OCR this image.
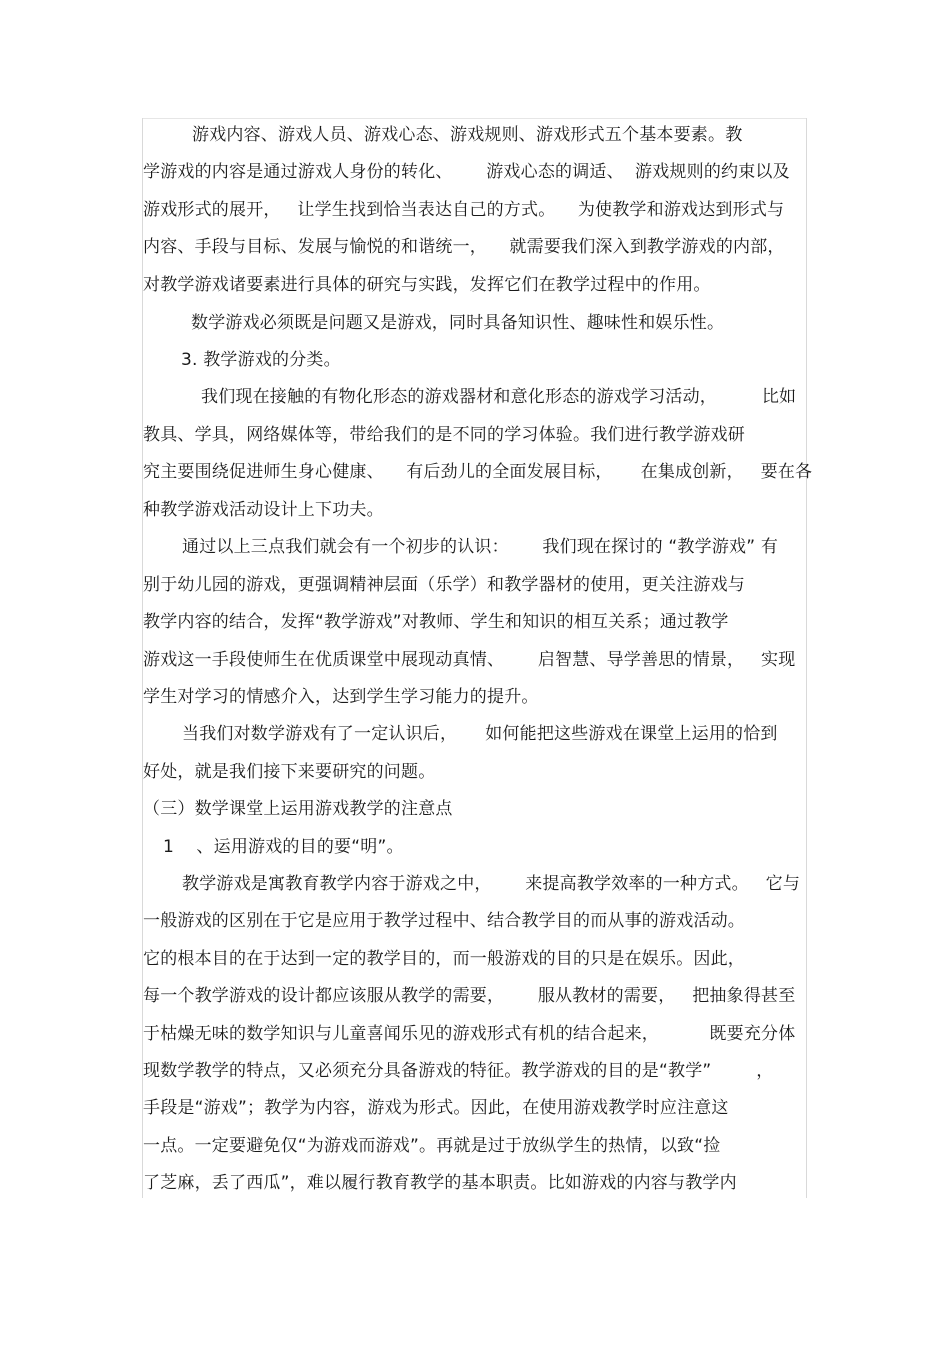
游戏内容、游戏人员、游戏心态、游戏规则、游戏形式五个基本要素。教
学游戏的内容是通过游戏人身份的转化、      游戏心态的调适、  游戏规则的约束以及
游戏形式的展开，   让学生找到恰当表达自己的方式。    为使教学和游戏达到形式与
内容、手段与目标、发展与愉悦的和谐统一，    就需要我们深入到教学游戏的内部，
对教学游戏诸要素进行具体的研究与实践，发挥它们在教学过程中的作用。
数学游戏必须既是问题又是游戏，同时具备知识性、趣味性和娱乐性。
3. 教学游戏的分类。
我们现在接触的有物化形态的游戏器材和意化形态的游戏学习活动，        比如
教具、学具，网络媒体等，带给我们的是不同的学习体验。我们进行教学游戏研
究主要围绕促进师生身心健康、    有后劲儿的全面发展目标，     在集成创新，   要在各
种教学游戏活动设计上下功夫。
通过以上三点我们就会有一个初步的认识：      我们现在探讨的 “教学游戏” 有
别于幼儿园的游戏，更强调精神层面（乐学）和教学器材的使用，更关注游戏与
教学内容的结合，发挥“教学游戏”对教师、学生和知识的相互关系；通过教学
游戏这一手段使师生在优质课堂中展现动真情、      启智慧、导学善思的情景，   实现
学生对学习的情感介入，达到学生学习能力的提升。
当我们对数学游戏有了一定认识后，     如何能把这些游戏在课堂上运用的恰到
好处，就是我们接下来要研究的问题。
（三）数学课堂上运用游戏教学的注意点
1    、运用游戏的目的要“明”。
教学游戏是寓教育教学内容于游戏之中，      来提高教学效率的一种方式。   它与
一般游戏的区别在于它是应用于教学过程中、结合教学目的而从事的游戏活动。
它的根本目的在于达到一定的教学目的，而一般游戏的目的只是在娱乐。因此，
每一个教学游戏的设计都应该服从教学的需要，      服从教材的需要，   把抽象得甚至
于枯燥无味的数学知识与儿童喜闻乐见的游戏形式有机的结合起来，         既要充分体
现数学教学的特点，又必须充分具备游戏的特征。教学游戏的目的是“教学”        ，
手段是“游戏”；教学为内容，游戏为形式。因此，在使用游戏教学时应注意这
一点。一定要避免仅“为游戏而游戏”。再就是过于放纵学生的热情，以致“捡
了芝麻，丢了西瓜”，难以履行教育教学的基本职责。比如游戏的内容与教学内
